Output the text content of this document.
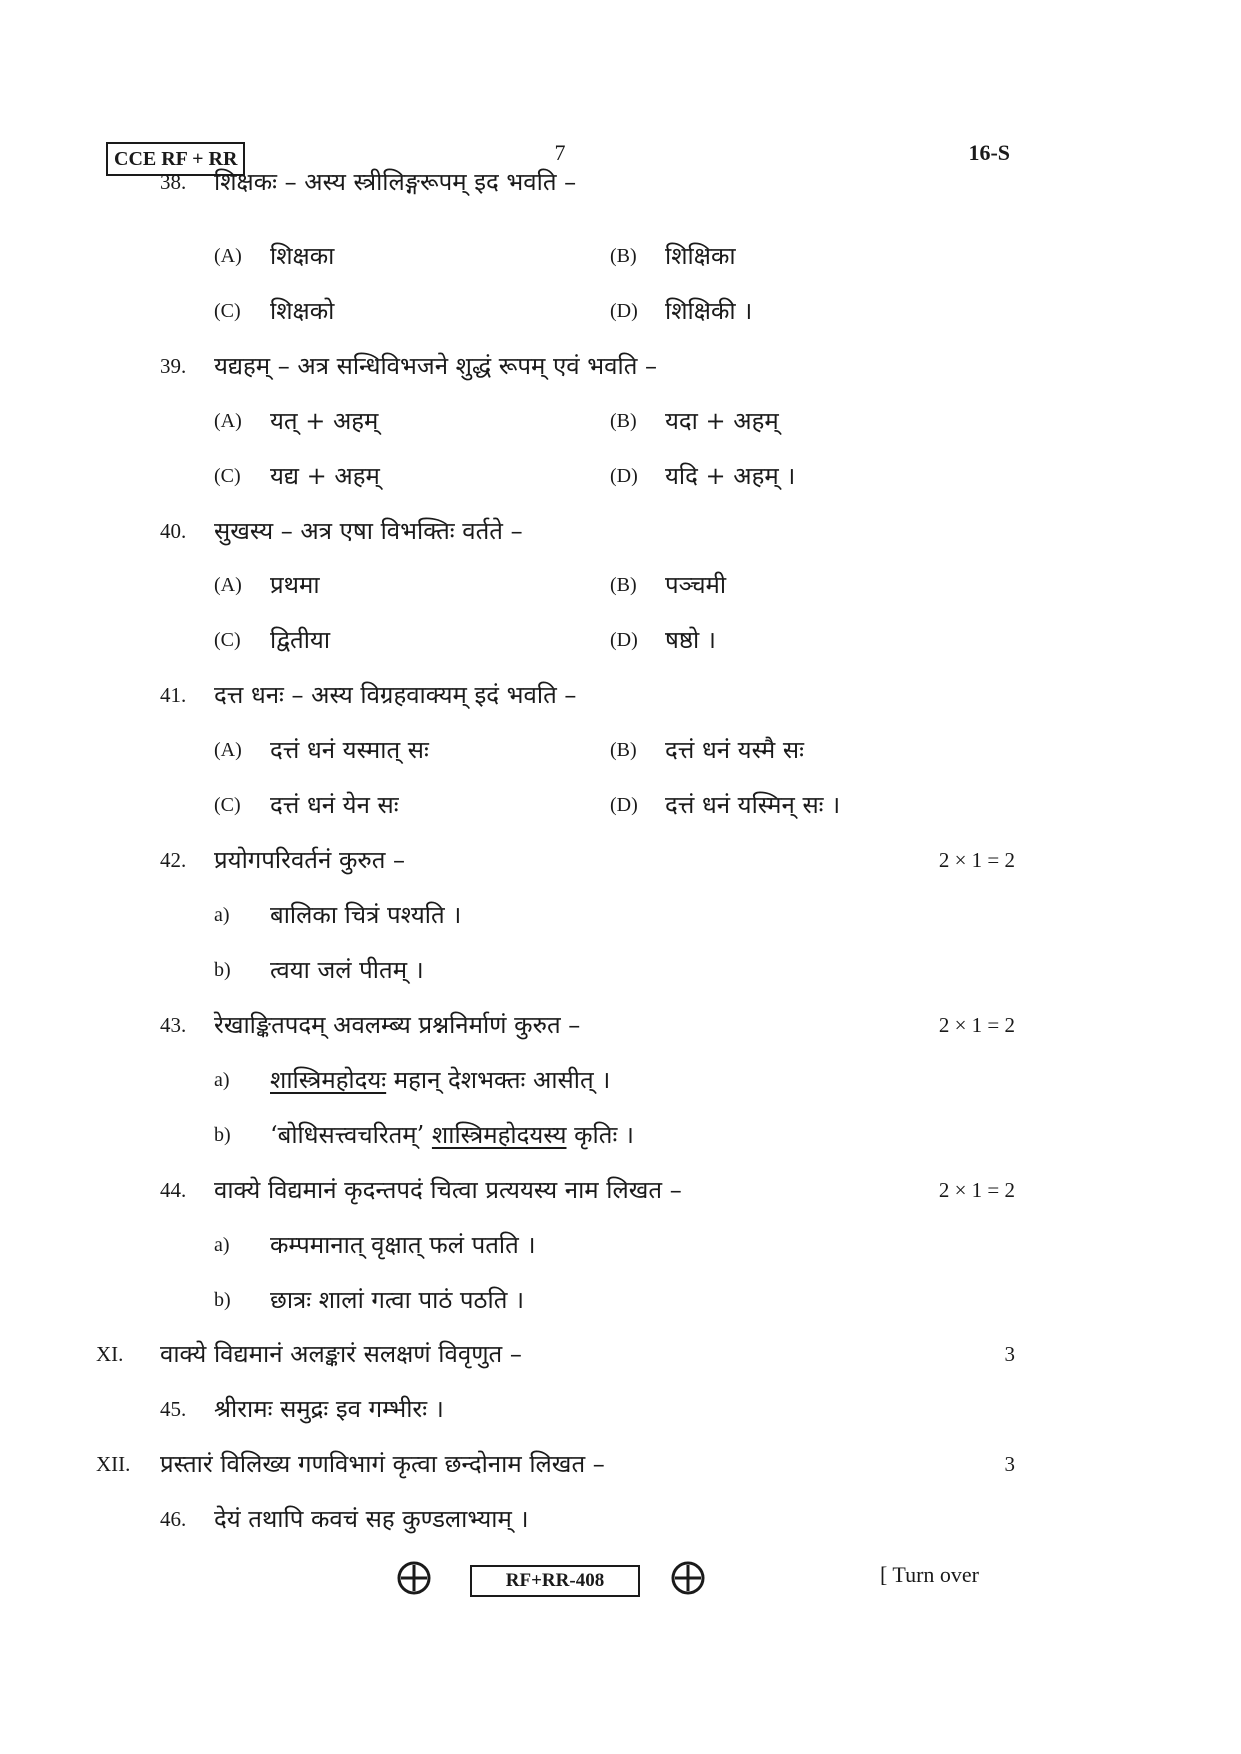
CCE RF + RR	7	16-S
38.	शिक्षकः – अस्य स्त्रीलिङ्गरूपम् इद भवति –
(A) शिक्षका	(B) शिक्षिका
(C) शिक्षको	(D) शिक्षिकी ।
39.	यद्यहम् – अत्र सन्धिविभजने शुद्धं रूपम् एवं भवति –
(A) यत् + अहम्	(B) यदा + अहम्
(C) यद्य + अहम्	(D) यदि + अहम् ।
40.	सुखस्य – अत्र एषा विभक्तिः वर्तते –
(A) प्रथमा	(B) पञ्चमी
(C) द्वितीया	(D) षष्ठो ।
41.	दत्त धनः – अस्य विग्रहवाक्यम् इदं भवति –
(A) दत्तं धनं यस्मात् सः	(B) दत्तं धनं यस्मै सः
(C) दत्तं धनं येन सः	(D) दत्तं धनं यस्मिन् सः ।
42.	प्रयोगपरिवर्तनं कुरुत –	2 × 1 = 2
a) बालिका चित्रं पश्यति ।
b) त्वया जलं पीतम् ।
43.	रेखाङ्कितपदम् अवलम्ब्य प्रश्ननिर्माणं कुरुत –	2 × 1 = 2
a) शास्त्रिमहोदयः महान् देशभक्तः आसीत् ।
b) ‘बोधिसत्त्वचरितम्’ शास्त्रिमहोदयस्य कृतिः ।
44.	वाक्ये विद्यमानं कृदन्तपदं चित्वा प्रत्ययस्य नाम लिखत –	2 × 1 = 2
a) कम्पमानात् वृक्षात् फलं पतति ।
b) छात्रः शालां गत्वा पाठं पठति ।
XI.	वाक्ये विद्यमानं अलङ्कारं सलक्षणं विवृणुत –	3
45.	श्रीरामः समुद्रः इव गम्भीरः ।
XII.	प्रस्तारं विलिख्य गणविभागं कृत्वा छन्दोनाम लिखत –	3
46.	देयं तथापि कवचं सह कुण्डलाभ्याम् ।
RF+RR-408	[ Turn over
